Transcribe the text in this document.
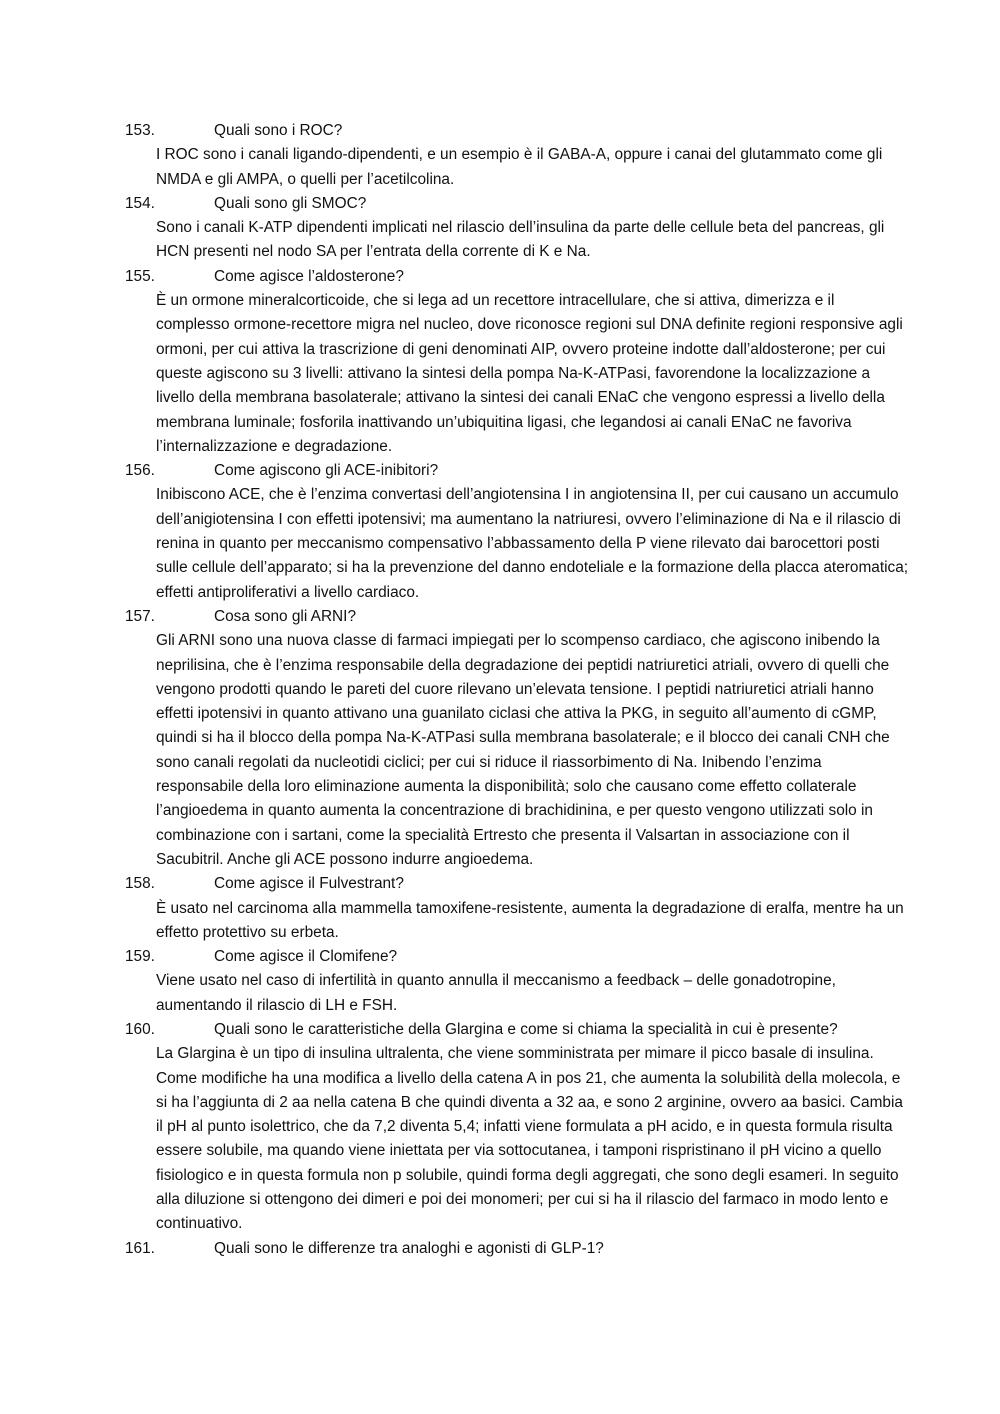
153.	Quali sono i ROC?

I ROC sono i canali ligando-dipendenti, e un esempio è il GABA-A, oppure i canai del glutammato come gli NMDA e gli AMPA, o quelli per l’acetilcolina.

154.	Quali sono gli SMOC?

Sono i canali K-ATP dipendenti implicati nel rilascio dell’insulina da parte delle cellule beta del pancreas, gli HCN presenti nel nodo SA per l’entrata della corrente di K e Na.

155.	Come agisce l’aldosterone?

È un ormone mineralcorticoide, che si lega ad un recettore intracellulare, che si attiva, dimerizza e il complesso ormone-recettore migra nel nucleo, dove riconosce regioni sul DNA definite regioni responsive agli ormoni, per cui attiva la trascrizione di geni denominati AIP, ovvero proteine indotte dall’aldosterone; per cui queste agiscono su 3 livelli: attivano la sintesi della pompa Na-K-ATPasi, favorendone la localizzazione a livello della membrana basolaterale; attivano la sintesi dei canali ENaC che vengono espressi a livello della membrana luminale; fosforila inattivando un’ubiquitina ligasi, che legandosi ai canali ENaC ne favoriva l’internalizzazione e degradazione.

156.	Come agiscono gli ACE-inibitori?

Inibiscono ACE, che è l’enzima convertasi dell’angiotensina I in angiotensina II, per cui causano un accumulo dell’anigiotensina I con effetti ipotensivi; ma aumentano la natriuresi, ovvero l’eliminazione di Na e il rilascio di renina in quanto per meccanismo compensativo l’abbassamento della P viene rilevato dai barocettori posti sulle cellule dell’apparato; si ha la prevenzione del danno endoteliale e la formazione della placca ateromatica; effetti antiproliferativi a livello cardiaco.

157.	Cosa sono gli ARNI?

Gli ARNI sono una nuova classe di farmaci impiegati per lo scompenso cardiaco, che agiscono inibendo la neprilisina, che è l’enzima responsabile della degradazione dei peptidi natriuretici atriali, ovvero di quelli che vengono prodotti quando le pareti del cuore rilevano un’elevata tensione. I peptidi natriuretici atriali hanno effetti ipotensivi in quanto attivano una guanilato ciclasi che attiva la PKG, in seguito all’aumento di cGMP, quindi si ha il blocco della pompa Na-K-ATPasi sulla membrana basolaterale; e il blocco dei canali CNH che sono canali regolati da nucleotidi ciclici; per cui si riduce il riassorbimento di Na. Inibendo l’enzima responsabile della loro eliminazione aumenta la disponibilità; solo che causano come effetto collaterale l’angioedema in quanto aumenta la concentrazione di brachidinina, e per questo vengono utilizzati solo in combinazione con i sartani, come la specialità Ertresto che presenta il Valsartan in associazione con il Sacubitril. Anche gli ACE possono indurre angioedema.

158.	Come agisce il Fulvestrant?

È usato nel carcinoma alla mammella tamoxifene-resistente, aumenta la degradazione di eralfa, mentre ha un effetto protettivo su erbeta.

159.	Come agisce il Clomifene?

Viene usato nel caso di infertilità in quanto annulla il meccanismo a feedback – delle gonadotropine, aumentando il rilascio di LH e FSH.

160.	Quali sono le caratteristiche della Glargina e come si chiama la specialità in cui è presente?

La Glargina è un tipo di insulina ultralenta, che viene somministrata per mimare il picco basale di insulina. Come modifiche ha una modifica a livello della catena A in pos 21, che aumenta la solubilità della molecola, e si ha l’aggiunta di 2 aa nella catena B che quindi diventa a 32 aa, e sono 2 arginine, ovvero aa basici. Cambia il pH al punto isolettrico, che da 7,2 diventa 5,4; infatti viene formulata a pH acido, e in questa formula risulta essere solubile, ma quando viene iniettata per via sottocutanea, i tamponi rispristinano il pH vicino a quello fisiologico e in questa formula non p solubile, quindi forma degli aggregati, che sono degli esameri. In seguito alla diluzione si ottengono dei dimeri e poi dei monomeri; per cui si ha il rilascio del farmaco in modo lento e continuativo.

161.	Quali sono le differenze tra analoghi e agonisti di GLP-1?
